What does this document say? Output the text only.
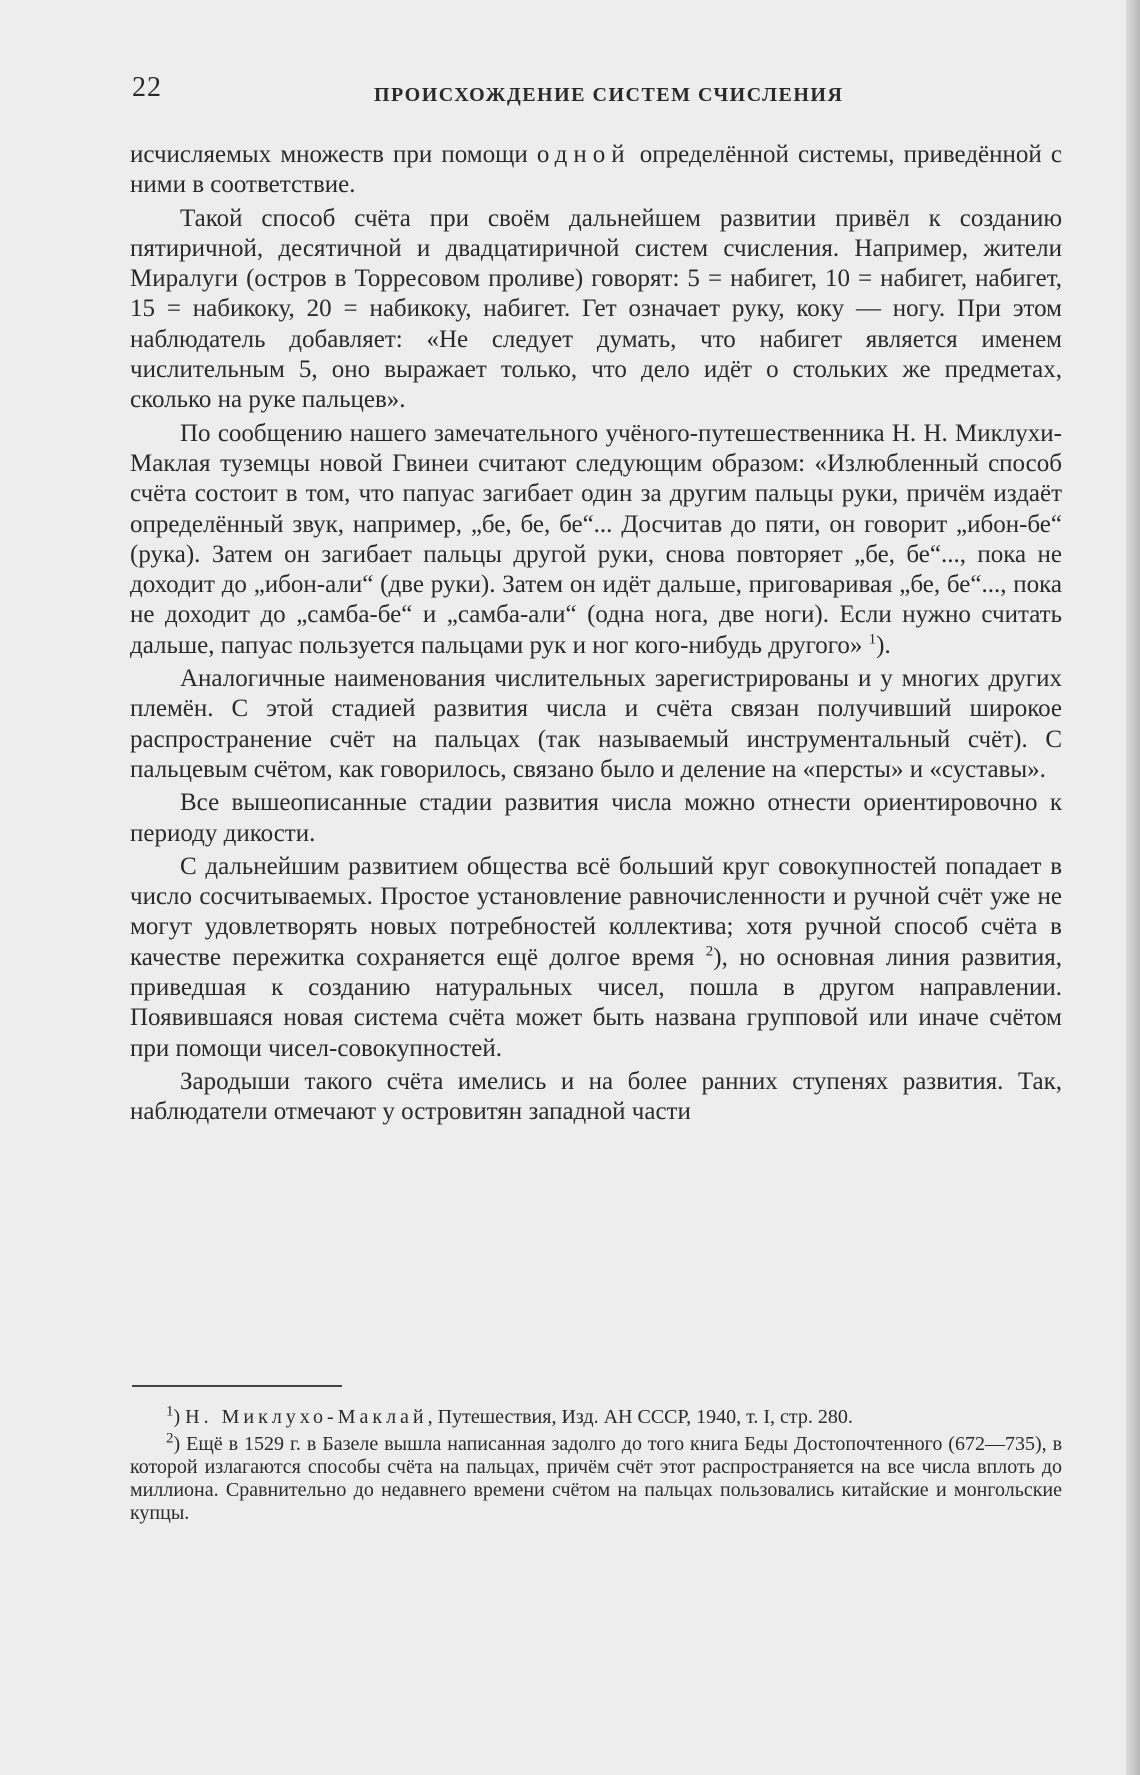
22	ПРОИСХОЖДЕНИЕ СИСТЕМ СЧИСЛЕНИЯ

исчисляемых множеств при помощи одной определённой системы, приведённой с ними в соответствие.

Такой способ счёта при своём дальнейшем развитии привёл к созданию пятиричной, десятичной и двадцатиричной систем счисления. Например, жители Миралуги (остров в Торресовом проливе) говорят: 5 = набигет, 10 = набигет, набигет, 15 = набикоку, 20 = набикоку, набигет. Гет означает руку, коку — ногу. При этом наблюдатель добавляет: «Не следует думать, что набигет является именем числительным 5, оно выражает только, что дело идёт о стольких же предметах, сколько на руке пальцев».

По сообщению нашего замечательного учёного-путешественника Н. Н. Миклухи-Маклая туземцы новой Гвинеи считают следующим образом: «Излюбленный способ счёта состоит в том, что папуас загибает один за другим пальцы руки, причём издаёт определённый звук, например, „бе, бе, бе“... Досчитав до пяти, он говорит „ибон-бе“ (рука). Затем он загибает пальцы другой руки, снова повторяет „бе, бе“..., пока не доходит до „ибон-али“ (две руки). Затем он идёт дальше, приговаривая „бе, бе“..., пока не доходит до „самба-бе“ и „самба-али“ (одна нога, две ноги). Если нужно считать дальше, папуас пользуется пальцами рук и ног кого-нибудь другого» $^1$).

Аналогичные наименования числительных зарегистрированы и у многих других племён. С этой стадией развития числа и счёта связан получивший широкое распространение счёт на пальцах (так называемый инструментальный счёт). С пальцевым счётом, как говорилось, связано было и деление на «персты» и «суставы».

Все вышеописанные стадии развития числа можно отнести ориентировочно к периоду дикости.

С дальнейшим развитием общества всё больший круг совокупностей попадает в число сосчитываемых. Простое установление равночисленности и ручной счёт уже не могут удовлетворять новых потребностей коллектива; хотя ручной способ счёта в качестве пережитка сохраняется ещё долгое время $^2$), но основная линия развития, приведшая к созданию натуральных чисел, пошла в другом направлении. Появившаяся новая система счёта может быть названа групповой или иначе счётом при помощи чисел-совокупностей.

Зародыши такого счёта имелись и на более ранних ступенях развития. Так, наблюдатели отмечают у островитян западной части

$^1$) Н. Миклухо-Маклай, Путешествия, Изд. АН СССР, 1940, т. I, стр. 280.

$^2$) Ещё в 1529 г. в Базеле вышла написанная задолго до того книга Беды Достопочтенного (672—735), в которой излагаются способы счёта на пальцах, причём счёт этот распространяется на все числа вплоть до миллиона. Сравнительно до недавнего времени счётом на пальцах пользовались китайские и монгольские купцы.
